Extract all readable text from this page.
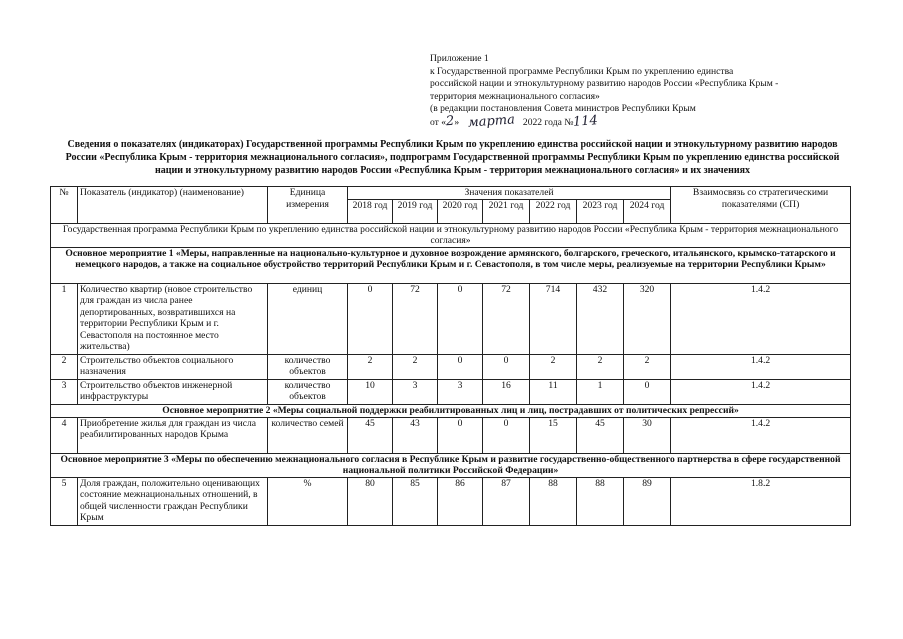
Приложение 1
к Государственной программе Республики Крым по укреплению единства
российской нации и этнокультурному развитию народов России «Республика Крым -
территория межнационального согласия»
(в редакции постановления Совета министров Республики Крым
от «2» марта 2022 года №114
Сведения о показателях (индикаторах) Государственной программы Республики Крым по укреплению единства российской нации и этнокультурному развитию народов России «Республика Крым - территория межнационального согласия», подпрограмм Государственной программы Республики Крым по укреплению единства российской нации и этнокультурному развитию народов России «Республика Крым - территория межнационального согласия» и их значениях
№	Показатель (индикатор) (наименование)	Единица измерения	Значения показателей							Взаимосвязь со стратегическими показателями (СП)
			2018 год	2019 год	2020 год	2021 год	2022 год	2023 год	2024 год	
Государственная программа Республики Крым по укреплению единства российской нации и этнокультурному развитию народов России «Республика Крым - территория межнационального согласия»										
Основное мероприятие 1 «Меры, направленные на национально-культурное и духовное возрождение армянского, болгарского, греческого, итальянского, крымско-татарского и немецкого народов, а также на социальное обустройство территорий Республики Крым и г. Севастополя, в том числе меры, реализуемые на территории Республики Крым»										
1	Количество квартир (новое строительство для граждан из числа ранее депортированных, возвратившихся на территории Республики Крым и г. Севастополя на постоянное место жительства)	единиц	0	72	0	72	714	432	320	1.4.2
2	Строительство объектов социального назначения	количество объектов	2	2	0	0	2	2	2	1.4.2
3	Строительство объектов инженерной инфраструктуры	количество объектов	10	3	3	16	11	1	0	1.4.2
Основное мероприятие 2 «Меры социальной поддержки реабилитированных лиц и лиц, пострадавших от политических репрессий»										
4	Приобретение жилья для граждан из числа реабилитированных народов Крыма	количество семей	45	43	0	0	15	45	30	1.4.2
Основное мероприятие 3 «Меры по обеспечению межнационального согласия в Республике Крым и развитие государственно-общественного партнерства в сфере государственной национальной политики Российской Федерации»										
5	Доля граждан, положительно оценивающих состояние межнациональных отношений, в общей численности граждан Республики Крым	%	80	85	86	87	88	88	89	1.8.2
